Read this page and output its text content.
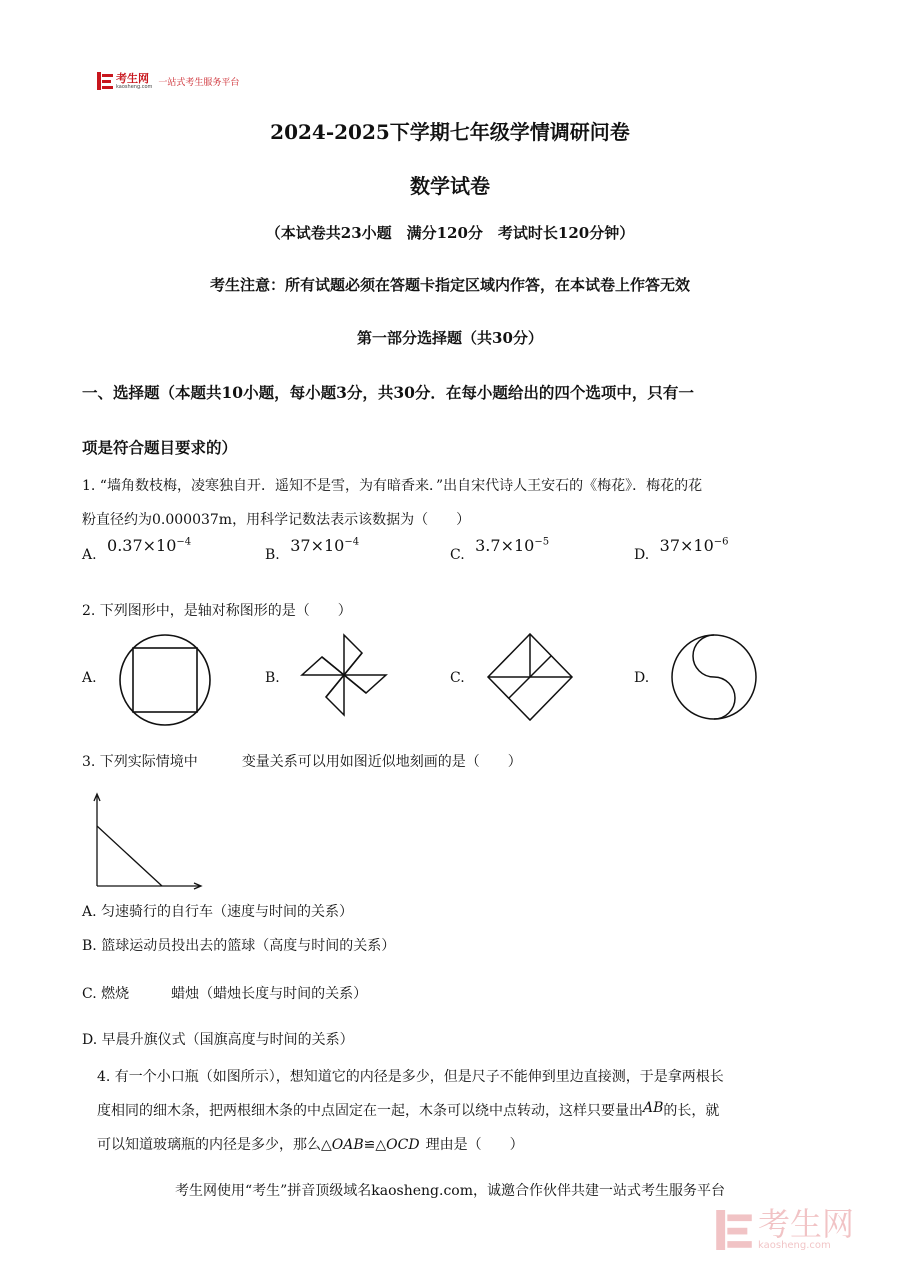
考生网
kaosheng.com 一站式考生服务平台
2024-2025下学期七年级学情调研问卷
数学试卷
（本试卷共23小题　满分120分　考试时长120分钟）
考生注意：所有试题必须在答题卡指定区域内作答，在本试卷上作答无效
第一部分选择题（共30分）
一、选择题（本题共10小题，每小题3分，共30分．在每小题给出的四个选项中，只有一
项是符合题目要求的）
1. “墙角数枝梅，凌寒独自开．遥知不是雪，为有暗香来．”出自宋代诗人王安石的《梅花》．梅花的花
粉直径约为0.000037m，用科学记数法表示该数据为（　　）
A. $0.37\times 10^{-4}$
B. $37\times 10^{-4}$
C. $3.7\times 10^{-5}$
D. $37\times 10^{-6}$
2. 下列图形中，是轴对称图形的是（　　）
A.	B.	C.	D.
3. 下列实际情境中	变量关系可以用如图近似地刻画的是（　　）
A. 匀速骑行的自行车（速度与时间的关系）
B. 篮球运动员投出去的篮球（高度与时间的关系）
C. 燃烧　　　蜡烛（蜡烛长度与时间的关系）
D. 早晨升旗仪式（国旗高度与时间的关系）
4. 有一个小口瓶（如图所示），想知道它的内径是多少，但是尺子不能伸到里边直接测，于是拿两根长
度相同的细木条，把两根细木条的中点固定在一起，木条可以绕中点转动，这样只要量出AB的长，就
可以知道玻璃瓶的内径是多少，那么△OAB≌△OCD 理由是（　　）
考生网使用“考生”拼音顶级域名kaosheng.com，诚邀合作伙伴共建一站式考生服务平台
考生网
kaosheng.com
